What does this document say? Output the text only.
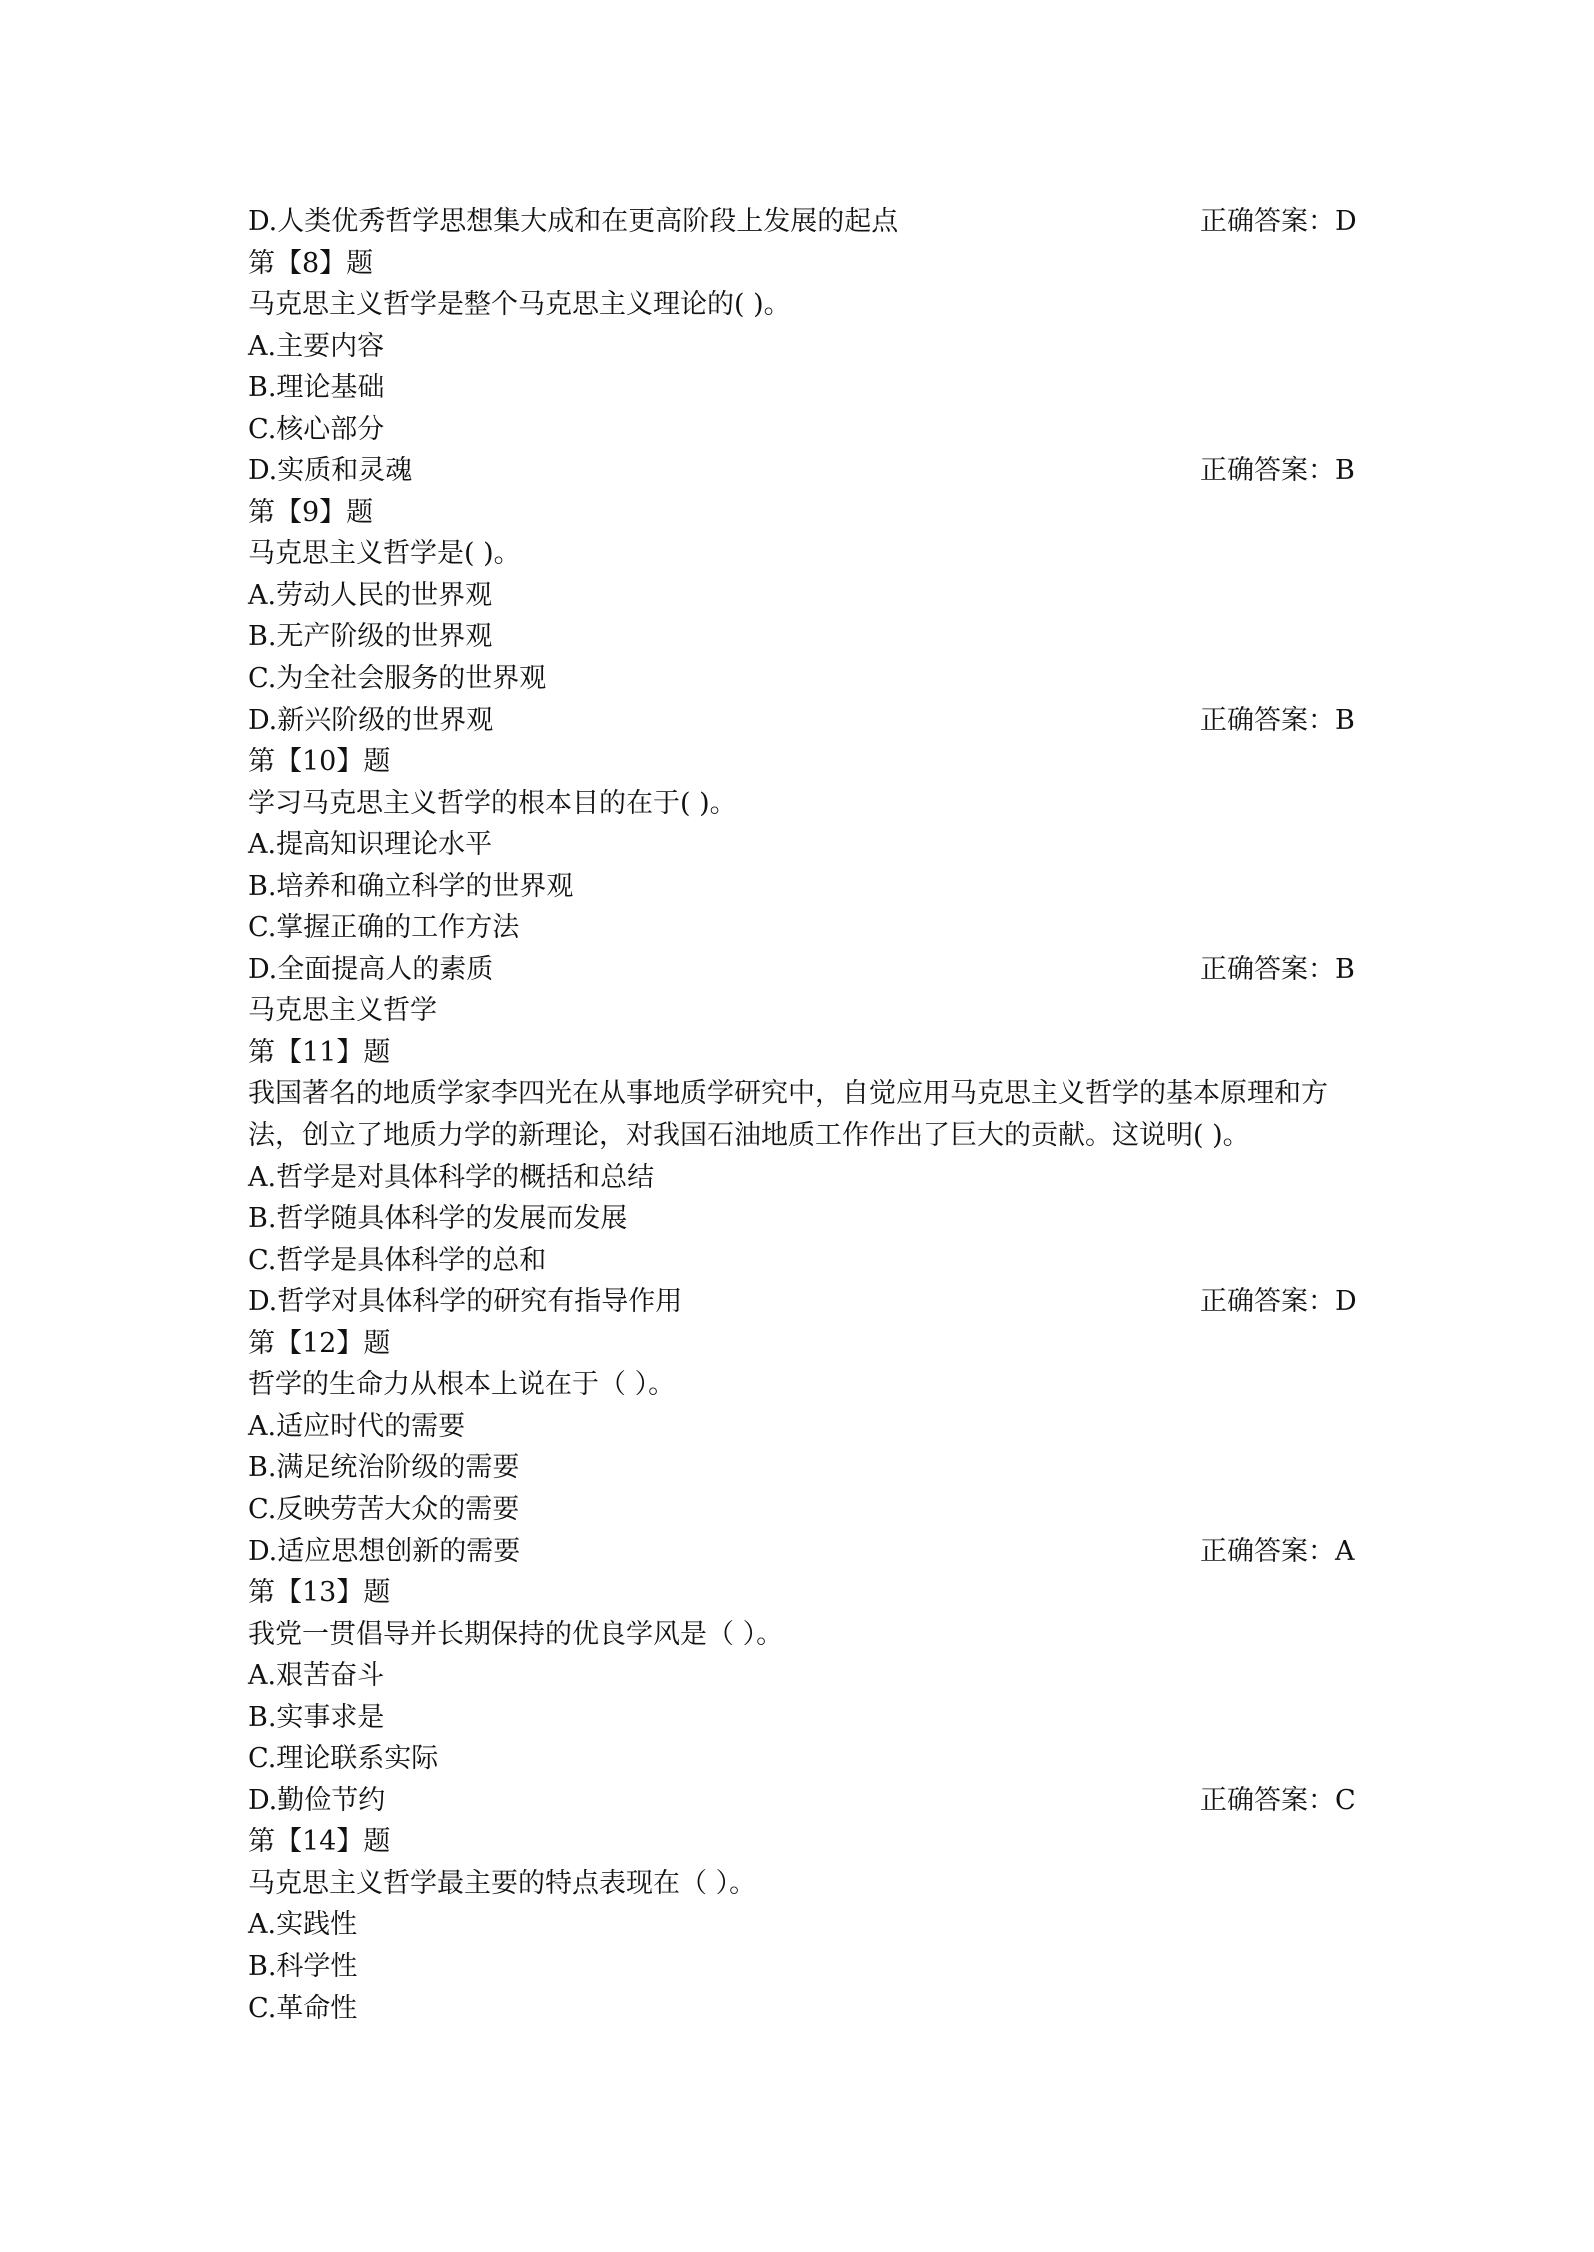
D.人类优秀哲学思想集大成和在更高阶段上发展的起点	正确答案：D
第【8】题
马克思主义哲学是整个马克思主义理论的( )。
A.主要内容
B.理论基础
C.核心部分
D.实质和灵魂	正确答案：B
第【9】题
马克思主义哲学是( )。
A.劳动人民的世界观
B.无产阶级的世界观
C.为全社会服务的世界观
D.新兴阶级的世界观	正确答案：B
第【10】题
学习马克思主义哲学的根本目的在于( )。
A.提高知识理论水平
B.培养和确立科学的世界观
C.掌握正确的工作方法
D.全面提高人的素质	正确答案：B
马克思主义哲学
第【11】题
我国著名的地质学家李四光在从事地质学研究中，自觉应用马克思主义哲学的基本原理和方
法，创立了地质力学的新理论，对我国石油地质工作作出了巨大的贡献。这说明( )。
A.哲学是对具体科学的概括和总结
B.哲学随具体科学的发展而发展
C.哲学是具体科学的总和
D.哲学对具体科学的研究有指导作用	正确答案：D
第【12】题
哲学的生命力从根本上说在于（ ）。
A.适应时代的需要
B.满足统治阶级的需要
C.反映劳苦大众的需要
D.适应思想创新的需要	正确答案：A
第【13】题
我党一贯倡导并长期保持的优良学风是（ ）。
A.艰苦奋斗
B.实事求是
C.理论联系实际
D.勤俭节约	正确答案：C
第【14】题
马克思主义哲学最主要的特点表现在（ ）。
A.实践性
B.科学性
C.革命性
